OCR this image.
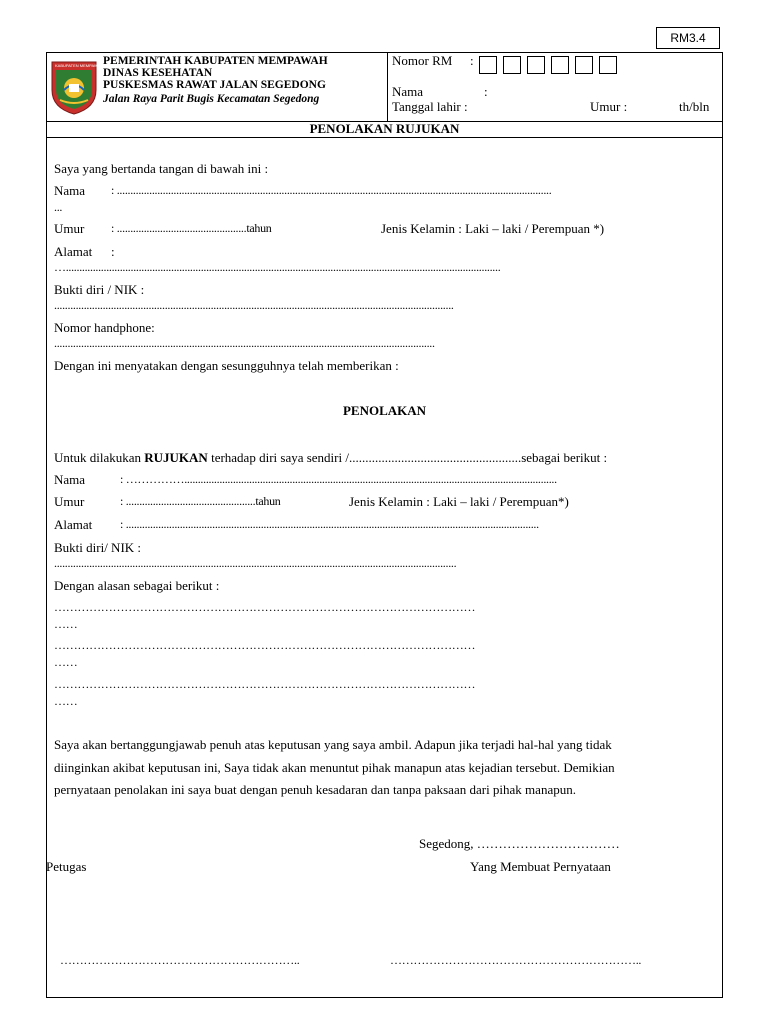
RM3.4
KABUPATEN MEMPAWAH PEMERINTAH KABUPATEN MEMPAWAH
DINAS KESEHATAN
PUSKESMAS RAWAT JALAN SEGEDONG
Jalan Raya Parit Bugis Kecamatan Segedong
Nomor RM :
Nama	:
Tanggal lahir :	Umur :	th/bln
PENOLAKAN RUJUKAN
Saya yang bertanda tangan di bawah ini :
Nama : .................................................................................................................................................................
...
Umur : ................................................tahun	Jenis Kelamin : Laki – laki / Perempuan *)
Alamat :
….................................................................................................................................................................
Bukti diri / NIK :
....................................................................................................................................................
Nomor handphone:
.............................................................................................................................................
Dengan ini menyatakan dengan sesungguhnya telah memberikan :
PENOLAKAN
Untuk dilakukan RUJUKAN terhadap diri saya sendiri /.....................................................sebagai berikut :
Nama	: ……………..........................................................................................................................................
Umur	: ................................................tahun	Jenis Kelamin : Laki – laki / Perempuan*)
Alamat : .........................................................................................................................................................
Bukti diri/ NIK :
.....................................................................................................................................................
Dengan alasan sebagai berikut :
………………………………………………………………………………………………
……
………………………………………………………………………………………………
……
………………………………………………………………………………………………
……
Saya akan bertanggungjawab penuh atas keputusan yang saya ambil. Adapun jika terjadi hal-hal yang tidak
diinginkan akibat keputusan ini, Saya tidak akan menuntut pihak manapun atas kejadian tersebut. Demikian
pernyataan penolakan ini saya buat dengan penuh kesadaran dan tanpa paksaan dari pihak manapun.
Segedong, ……………………………
Petugas	Yang Membuat Pernyataan
……………………………………………………..	………………………………………………………..
